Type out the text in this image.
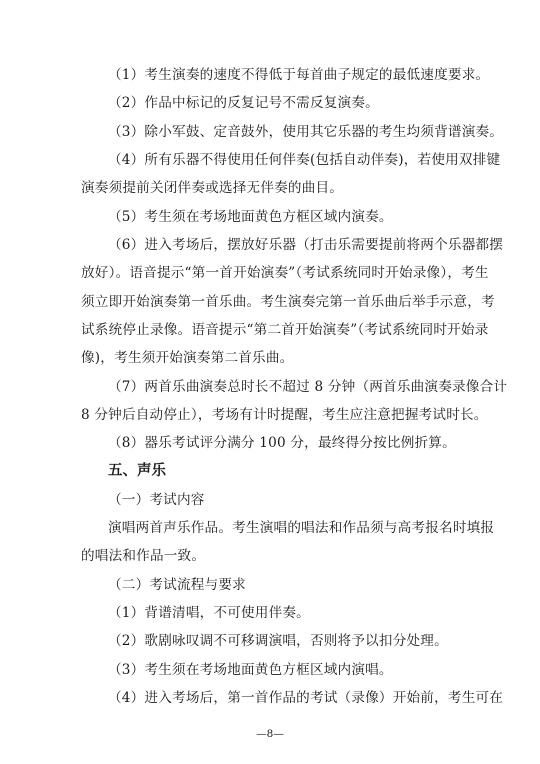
（1）考生演奏的速度不得低于每首曲子规定的最低速度要求。
（2）作品中标记的反复记号不需反复演奏。
（3）除小军鼓、定音鼓外，使用其它乐器的考生均须背谱演奏。
（4）所有乐器不得使用任何伴奏(包括自动伴奏)，若使用双排键
演奏须提前关闭伴奏或选择无伴奏的曲目。
（5）考生须在考场地面黄色方框区域内演奏。
（6）进入考场后，摆放好乐器（打击乐需要提前将两个乐器都摆
放好）。语音提示“第一首开始演奏”（考试系统同时开始录像），考生
须立即开始演奏第一首乐曲。考生演奏完第一首乐曲后举手示意，考
试系统停止录像。语音提示“第二首开始演奏”（考试系统同时开始录
像)，考生须开始演奏第二首乐曲。
（7）两首乐曲演奏总时长不超过 8 分钟（两首乐曲演奏录像合计
8 分钟后自动停止），考场有计时提醒，考生应注意把握考试时长。
（8）器乐考试评分满分 100 分，最终得分按比例折算。
五、声乐
（一）考试内容
演唱两首声乐作品。考生演唱的唱法和作品须与高考报名时填报
的唱法和作品一致。
（二）考试流程与要求
（1）背谱清唱，不可使用伴奏。
（2）歌剧咏叹调不可移调演唱，否则将予以扣分处理。
（3）考生须在考场地面黄色方框区域内演唱。
（4）进入考场后，第一首作品的考试（录像）开始前，考生可在
—8—
